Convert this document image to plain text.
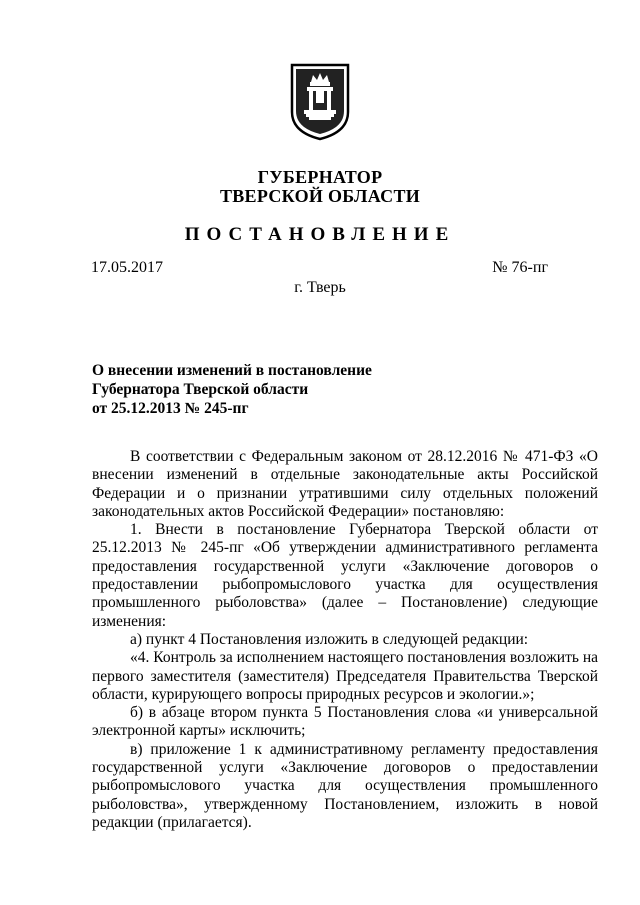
ГУБЕРНАТОР
ТВЕРСКОЙ ОБЛАСТИ
ПОСТАНОВЛЕНИЕ
17.05.2017	№ 76-пг
г. Тверь
О внесении изменений в постановление
Губернатора Тверской области
от 25.12.2013 № 245-пг

В соответствии с Федеральным законом от 28.12.2016 № 471-ФЗ «О внесении изменений в отдельные законодательные акты Российской Федерации и о признании утратившими силу отдельных положений законодательных актов Российской Федерации» постановляю:

1. Внести в постановление Губернатора Тверской области от 25.12.2013 № 245-пг «Об утверждении административного регламента предоставления государственной услуги «Заключение договоров о предоставлении рыбопромыслового участка для осуществления промышленного рыболовства» (далее – Постановление) следующие изменения:

а) пункт 4 Постановления изложить в следующей редакции:

«4. Контроль за исполнением настоящего постановления возложить на первого заместителя (заместителя) Председателя Правительства Тверской области, курирующего вопросы природных ресурсов и экологии.»;

б) в абзаце втором пункта 5 Постановления слова «и универсальной электронной карты» исключить;

в) приложение 1 к административному регламенту предоставления государственной услуги «Заключение договоров о предоставлении рыбопромыслового участка для осуществления промышленного рыболовства», утвержденному Постановлением, изложить в новой редакции (прилагается).
